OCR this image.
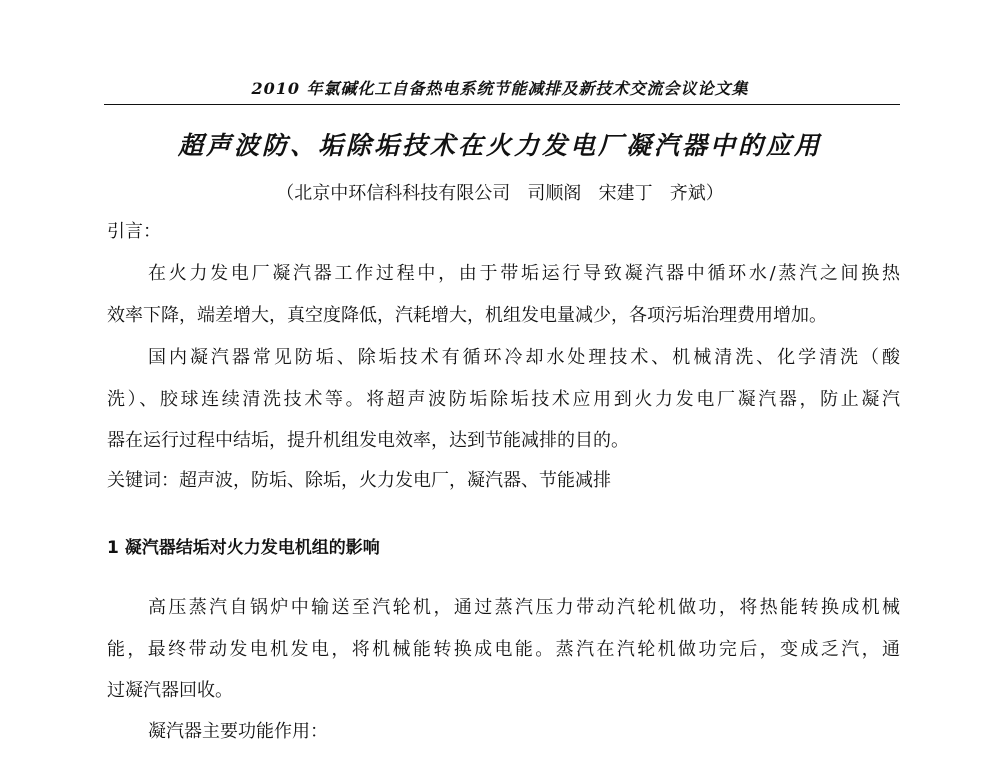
2010 年氯碱化工自备热电系统节能减排及新技术交流会议论文集
超声波防、垢除垢技术在火力发电厂凝汽器中的应用
（北京中环信科科技有限公司   司顺阁   宋建丁   齐斌）
引言：
在火力发电厂凝汽器工作过程中，由于带垢运行导致凝汽器中循环水/蒸汽之间换热
效率下降，端差增大，真空度降低，汽耗增大，机组发电量减少，各项污垢治理费用增加。
国内凝汽器常见防垢、除垢技术有循环冷却水处理技术、机械清洗、化学清洗（酸
洗）、胶球连续清洗技术等。将超声波防垢除垢技术应用到火力发电厂凝汽器，防止凝汽
器在运行过程中结垢，提升机组发电效率，达到节能减排的目的。
关键词：超声波，防垢、除垢，火力发电厂，凝汽器、节能减排
1 凝汽器结垢对火力发电机组的影响
高压蒸汽自锅炉中输送至汽轮机，通过蒸汽压力带动汽轮机做功，将热能转换成机械
能，最终带动发电机发电，将机械能转换成电能。蒸汽在汽轮机做功完后，变成乏汽，通
过凝汽器回收。
凝汽器主要功能作用：
